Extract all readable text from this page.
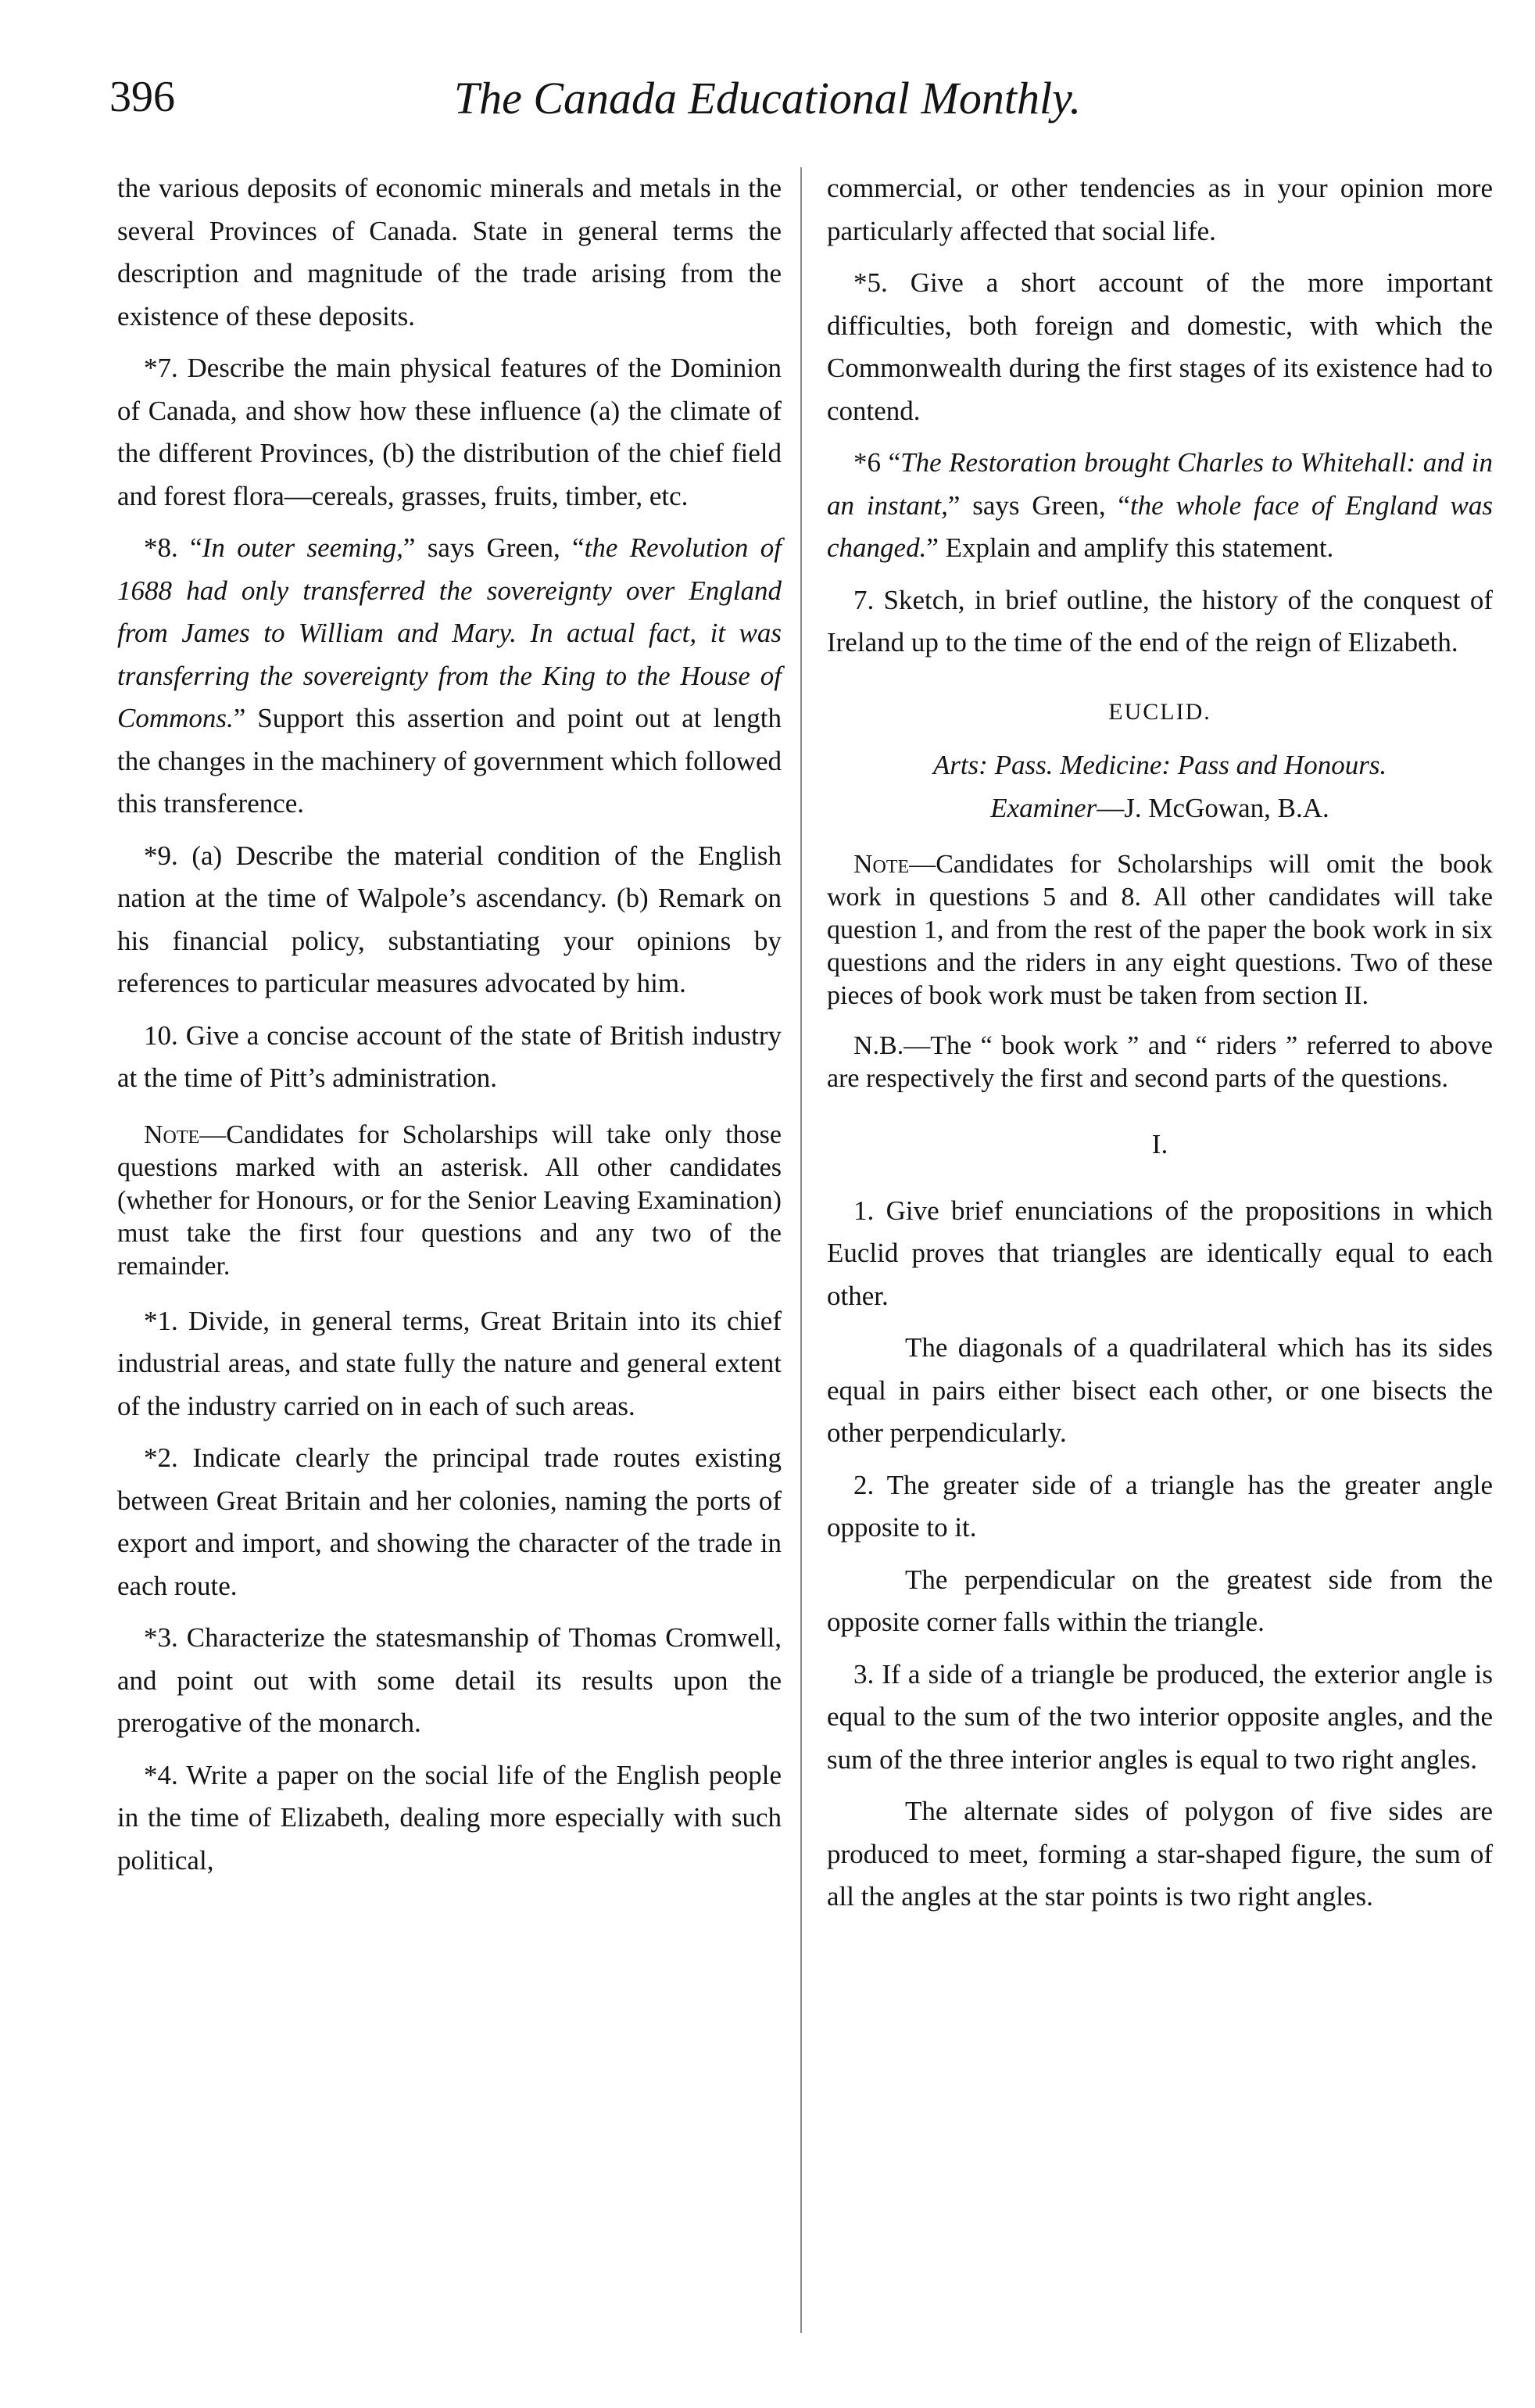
396	The Canada Educational Monthly.

the various deposits of economic minerals and metals in the several Provinces of Canada. State in general terms the description and magnitude of the trade arising from the existence of these deposits.

*7. Describe the main physical features of the Dominion of Canada, and show how these influence (a) the climate of the different Provinces, (b) the distribution of the chief field and forest flora—cereals, grasses, fruits, timber, etc.

*8. “In outer seeming,” says Green, “the Revolution of 1688 had only transferred the sovereignty over England from James to William and Mary. In actual fact, it was transferring the sovereignty from the King to the House of Commons.” Support this assertion and point out at length the changes in the machinery of government which followed this transference.

*9. (a) Describe the material condition of the English nation at the time of Walpole’s ascendancy. (b) Remark on his financial policy, substantiating your opinions by references to particular measures advocated by him.

10. Give a concise account of the state of British industry at the time of Pitt’s administration.

Note—Candidates for Scholarships will take only those questions marked with an asterisk. All other candidates (whether for Honours, or for the Senior Leaving Examination) must take the first four questions and any two of the remainder.

*1. Divide, in general terms, Great Britain into its chief industrial areas, and state fully the nature and general extent of the industry carried on in each of such areas.

*2. Indicate clearly the principal trade routes existing between Great Britain and her colonies, naming the ports of export and import, and showing the character of the trade in each route.

*3. Characterize the statesmanship of Thomas Cromwell, and point out with some detail its results upon the prerogative of the monarch.

*4. Write a paper on the social life of the English people in the time of Elizabeth, dealing more especially with such political,

commercial, or other tendencies as in your opinion more particularly affected that social life.

*5. Give a short account of the more important difficulties, both foreign and domestic, with which the Commonwealth during the first stages of its existence had to contend.

*6 “The Restoration brought Charles to Whitehall: and in an instant,” says Green, “the whole face of England was changed.” Explain and amplify this statement.

7. Sketch, in brief outline, the history of the conquest of Ireland up to the time of the end of the reign of Elizabeth.

EUCLID.

Arts: Pass. Medicine: Pass and Honours.

Examiner—J. McGowan, B.A.

Note—Candidates for Scholarships will omit the book work in questions 5 and 8. All other candidates will take question 1, and from the rest of the paper the book work in six questions and the riders in any eight questions. Two of these pieces of book work must be taken from section II.

N.B.—The “ book work ” and “ riders ” referred to above are respectively the first and second parts of the questions.

I.

1. Give brief enunciations of the propositions in which Euclid proves that triangles are identically equal to each other.

The diagonals of a quadrilateral which has its sides equal in pairs either bisect each other, or one bisects the other perpendicularly.

2. The greater side of a triangle has the greater angle opposite to it.

The perpendicular on the greatest side from the opposite corner falls within the triangle.

3. If a side of a triangle be produced, the exterior angle is equal to the sum of the two interior opposite angles, and the sum of the three interior angles is equal to two right angles.

The alternate sides of polygon of five sides are produced to meet, forming a star-shaped figure, the sum of all the angles at the star points is two right angles.
